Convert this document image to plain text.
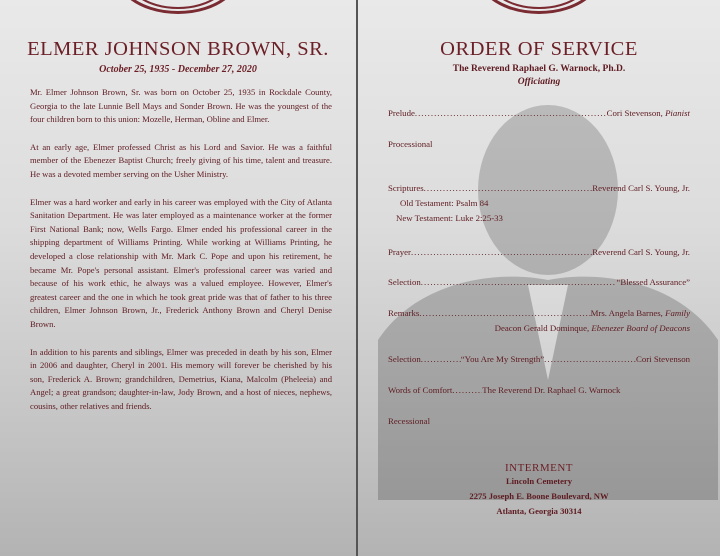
ELMER JOHNSON BROWN, SR.
October 25, 1935 - December 27, 2020

Mr. Elmer Johnson Brown, Sr. was born on October 25, 1935 in Rockdale County, Georgia to the late Lunnie Bell Mays and Sonder Brown. He was the youngest of the four children born to this union: Mozelle, Herman, Obline and Elmer.

At an early age, Elmer professed Christ as his Lord and Savior. He was a faithful member of the Ebenezer Baptist Church; freely giving of his time, talent and treasure. He was a devoted member serving on the Usher Ministry.

Elmer was a hard worker and early in his career was employed with the City of Atlanta Sanitation Department. He was later employed as a maintenance worker at the former First National Bank; now, Wells Fargo. Elmer ended his professional career in the shipping department of Williams Printing. While working at Williams Printing, he developed a close relationship with Mr. Mark C. Pope and upon his retirement, he became Mr. Pope's personal assistant. Elmer's professional career was varied and because of his work ethic, he always was a valued employee. However, Elmer's greatest career and the one in which he took great pride was that of father to his three children, Elmer Johnson Brown, Jr., Frederick Anthony Brown and Cheryl Denise Brown.

In addition to his parents and siblings, Elmer was preceded in death by his son, Elmer in 2006 and daughter, Cheryl in 2001. His memory will forever be cherished by his son, Frederick A. Brown; grandchildren, Demetrius, Kiana, Malcolm (Pheleeia) and Angel; a great grandson; daughter-in-law, Jody Brown, and a host of nieces, nephews, cousins, other relatives and friends.

ORDER OF SERVICE
The Reverend Raphael G. Warnock, Ph.D.
Officiating
Prelude .....	Cori Stevenson, Pianist
Processional
Scriptures .....	Reverend Carl S. Young, Jr.
Old Testament: Psalm 84
New Testament: Luke 2:25-33
Prayer .....	Reverend Carl S. Young, Jr.
Selection .....	“Blessed Assurance”
Remarks .....	Mrs. Angela Barnes, Family
Deacon Gerald Dominque, Ebenezer Board of Deacons
Selection .....	“You Are My Strength” .....	Cori Stevenson
Words of Comfort .....	The Reverend Dr. Raphael G. Warnock
Recessional
INTERMENT
Lincoln Cemetery
2275 Joseph E. Boone Boulevard, NW
Atlanta, Georgia 30314
